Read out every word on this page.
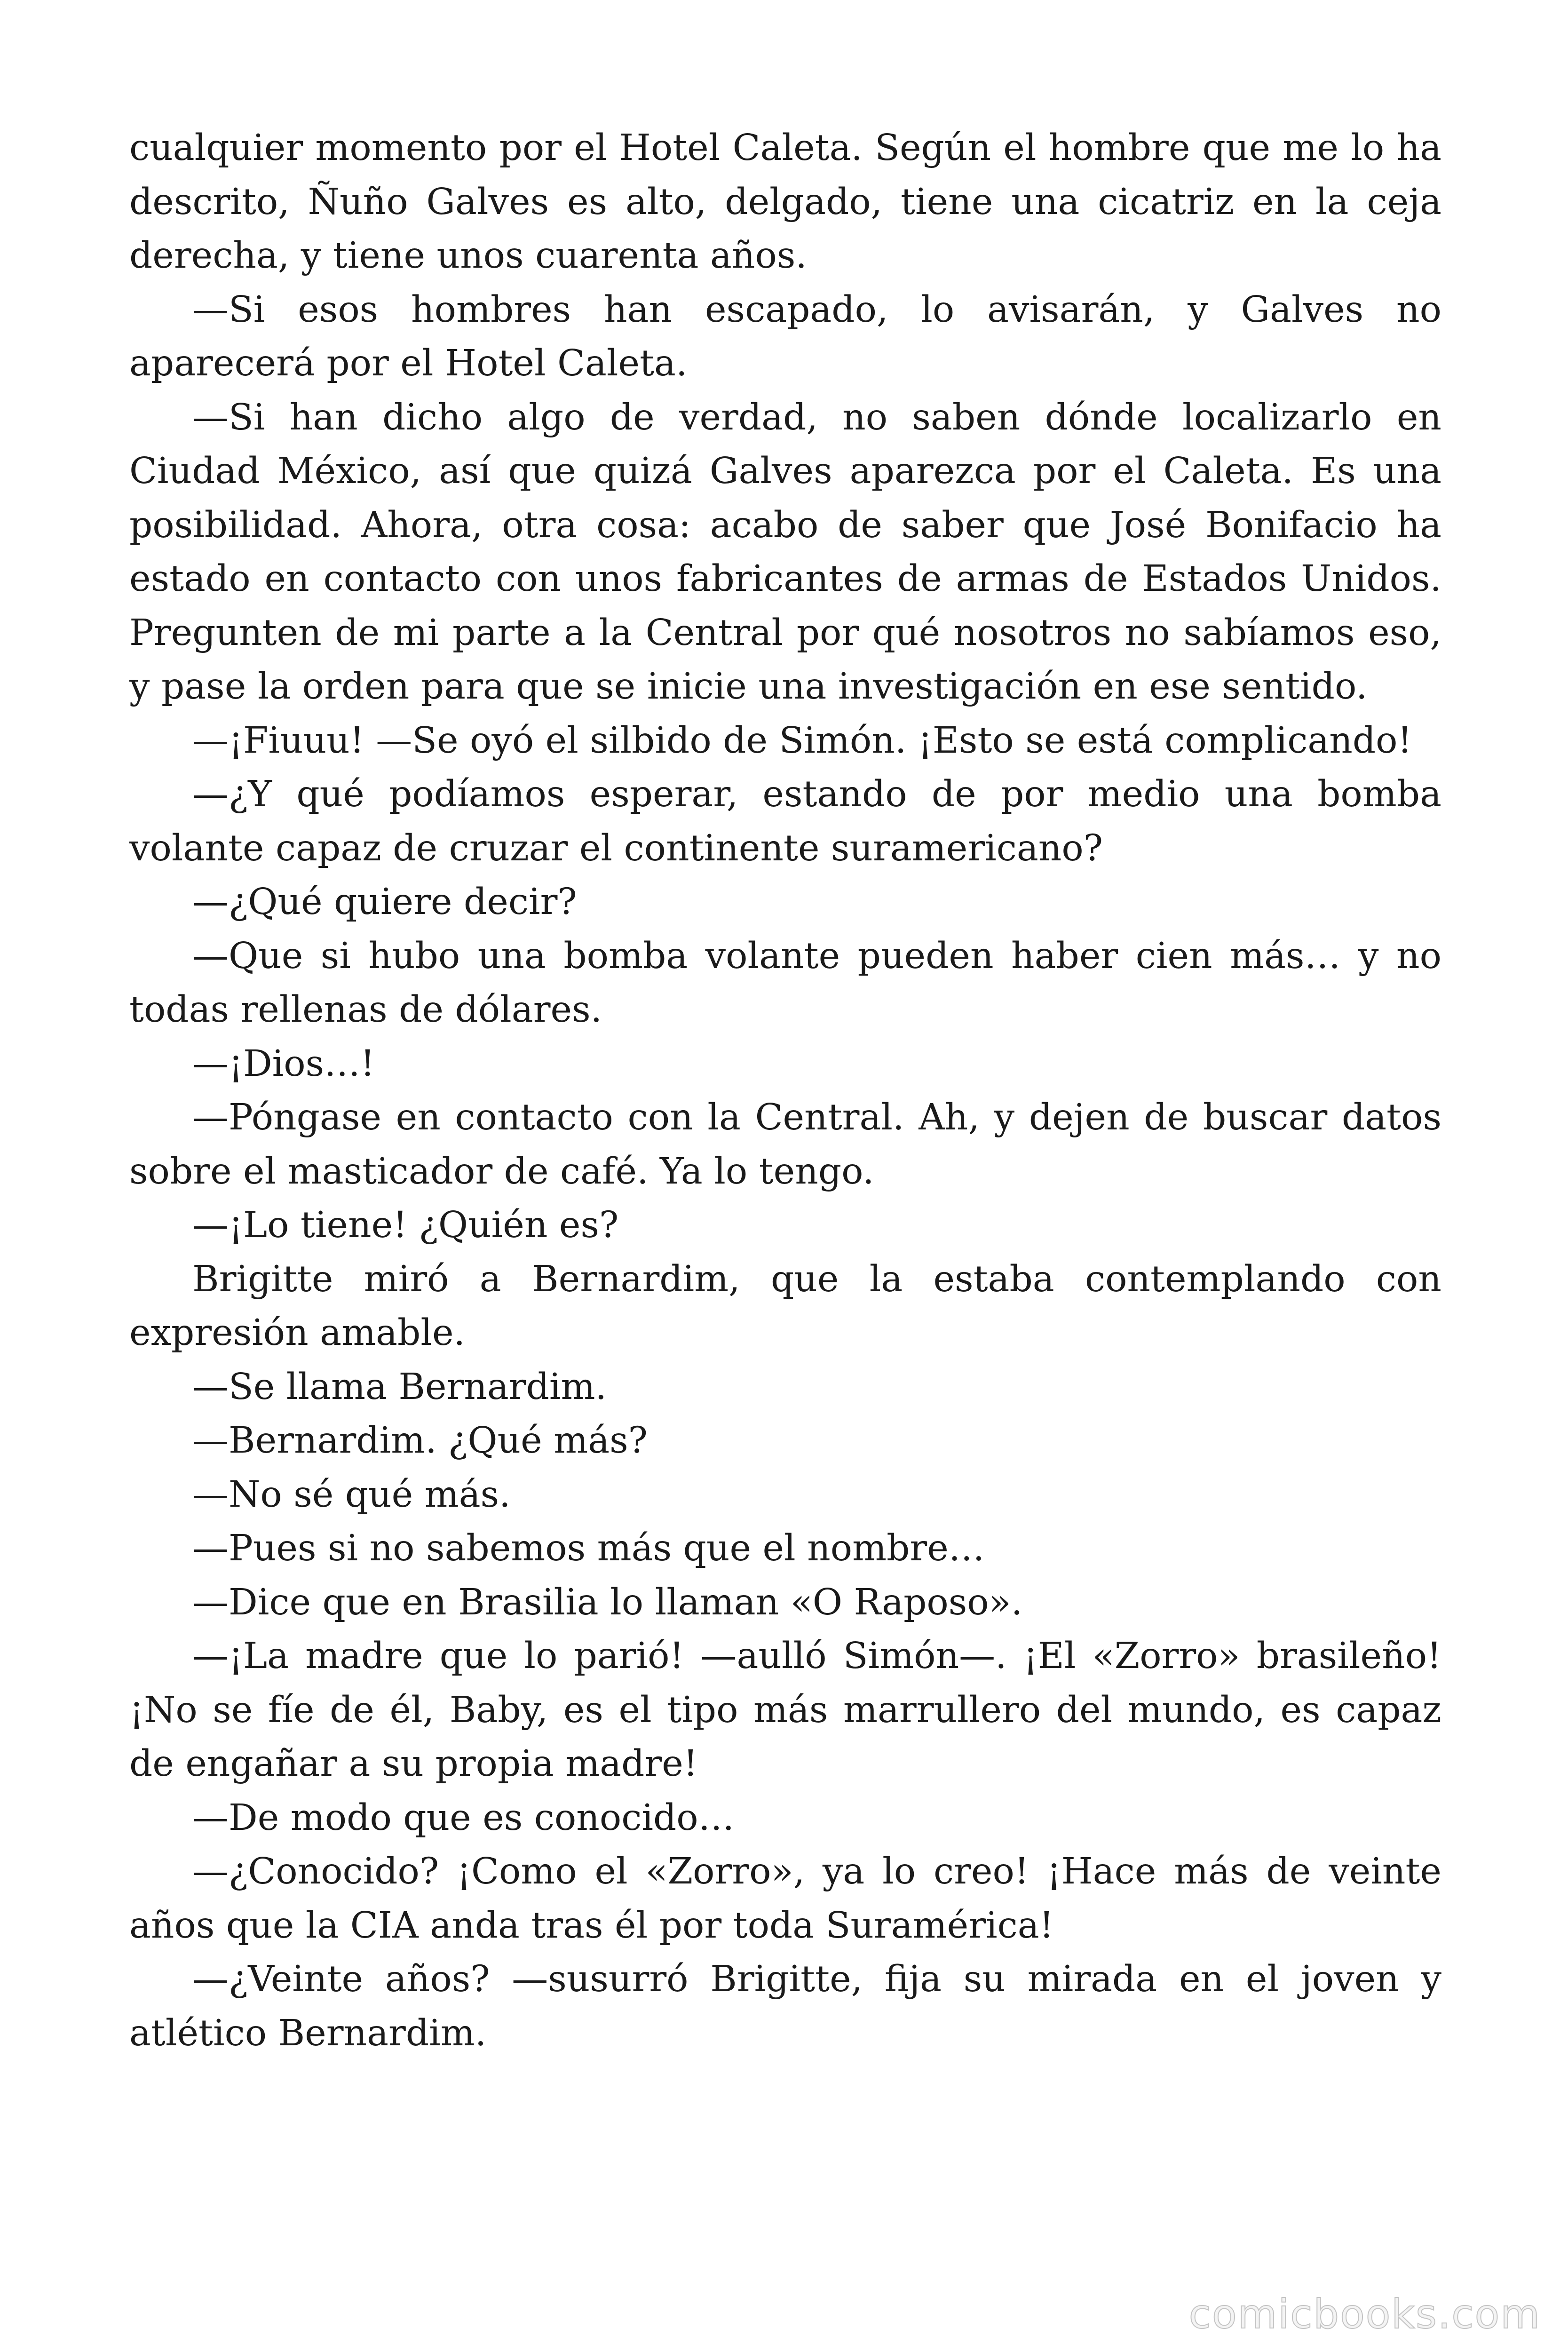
cualquier momento por el Hotel Caleta. Según el hombre que me lo ha descrito, Ñuño Galves es alto, delgado, tiene una cicatriz en la ceja derecha, y tiene unos cuarenta años.

—Si esos hombres han escapado, lo avisarán, y Galves no aparecerá por el Hotel Caleta.

—Si han dicho algo de verdad, no saben dónde localizarlo en Ciudad México, así que quizá Galves aparezca por el Caleta. Es una posibilidad. Ahora, otra cosa: acabo de saber que José Bonifacio ha estado en contacto con unos fabricantes de armas de Estados Unidos. Pregunten de mi parte a la Central por qué nosotros no sabíamos eso, y pase la orden para que se inicie una investigación en ese sentido.

—¡Fiuuu! —Se oyó el silbido de Simón. ¡Esto se está complicando!

—¿Y qué podíamos esperar, estando de por medio una bomba volante capaz de cruzar el continente suramericano?

—¿Qué quiere decir?

—Que si hubo una bomba volante pueden haber cien más… y no todas rellenas de dólares.

—¡Dios…!

—Póngase en contacto con la Central. Ah, y dejen de buscar datos sobre el masticador de café. Ya lo tengo.

—¡Lo tiene! ¿Quién es?

Brigitte miró a Bernardim, que la estaba contemplando con expresión amable.

—Se llama Bernardim.

—Bernardim. ¿Qué más?

—No sé qué más.

—Pues si no sabemos más que el nombre…

—Dice que en Brasilia lo llaman «O Raposo».

—¡La madre que lo parió! —aulló Simón—. ¡El «Zorro» brasileño! ¡No se fíe de él, Baby, es el tipo más marrullero del mundo, es capaz de engañar a su propia madre!

—De modo que es conocido…

—¿Conocido? ¡Como el «Zorro», ya lo creo! ¡Hace más de veinte años que la CIA anda tras él por toda Suramérica!

—¿Veinte años? —susurró Brigitte, fija su mirada en el joven y atlético Bernardim.

comicbooks.com
